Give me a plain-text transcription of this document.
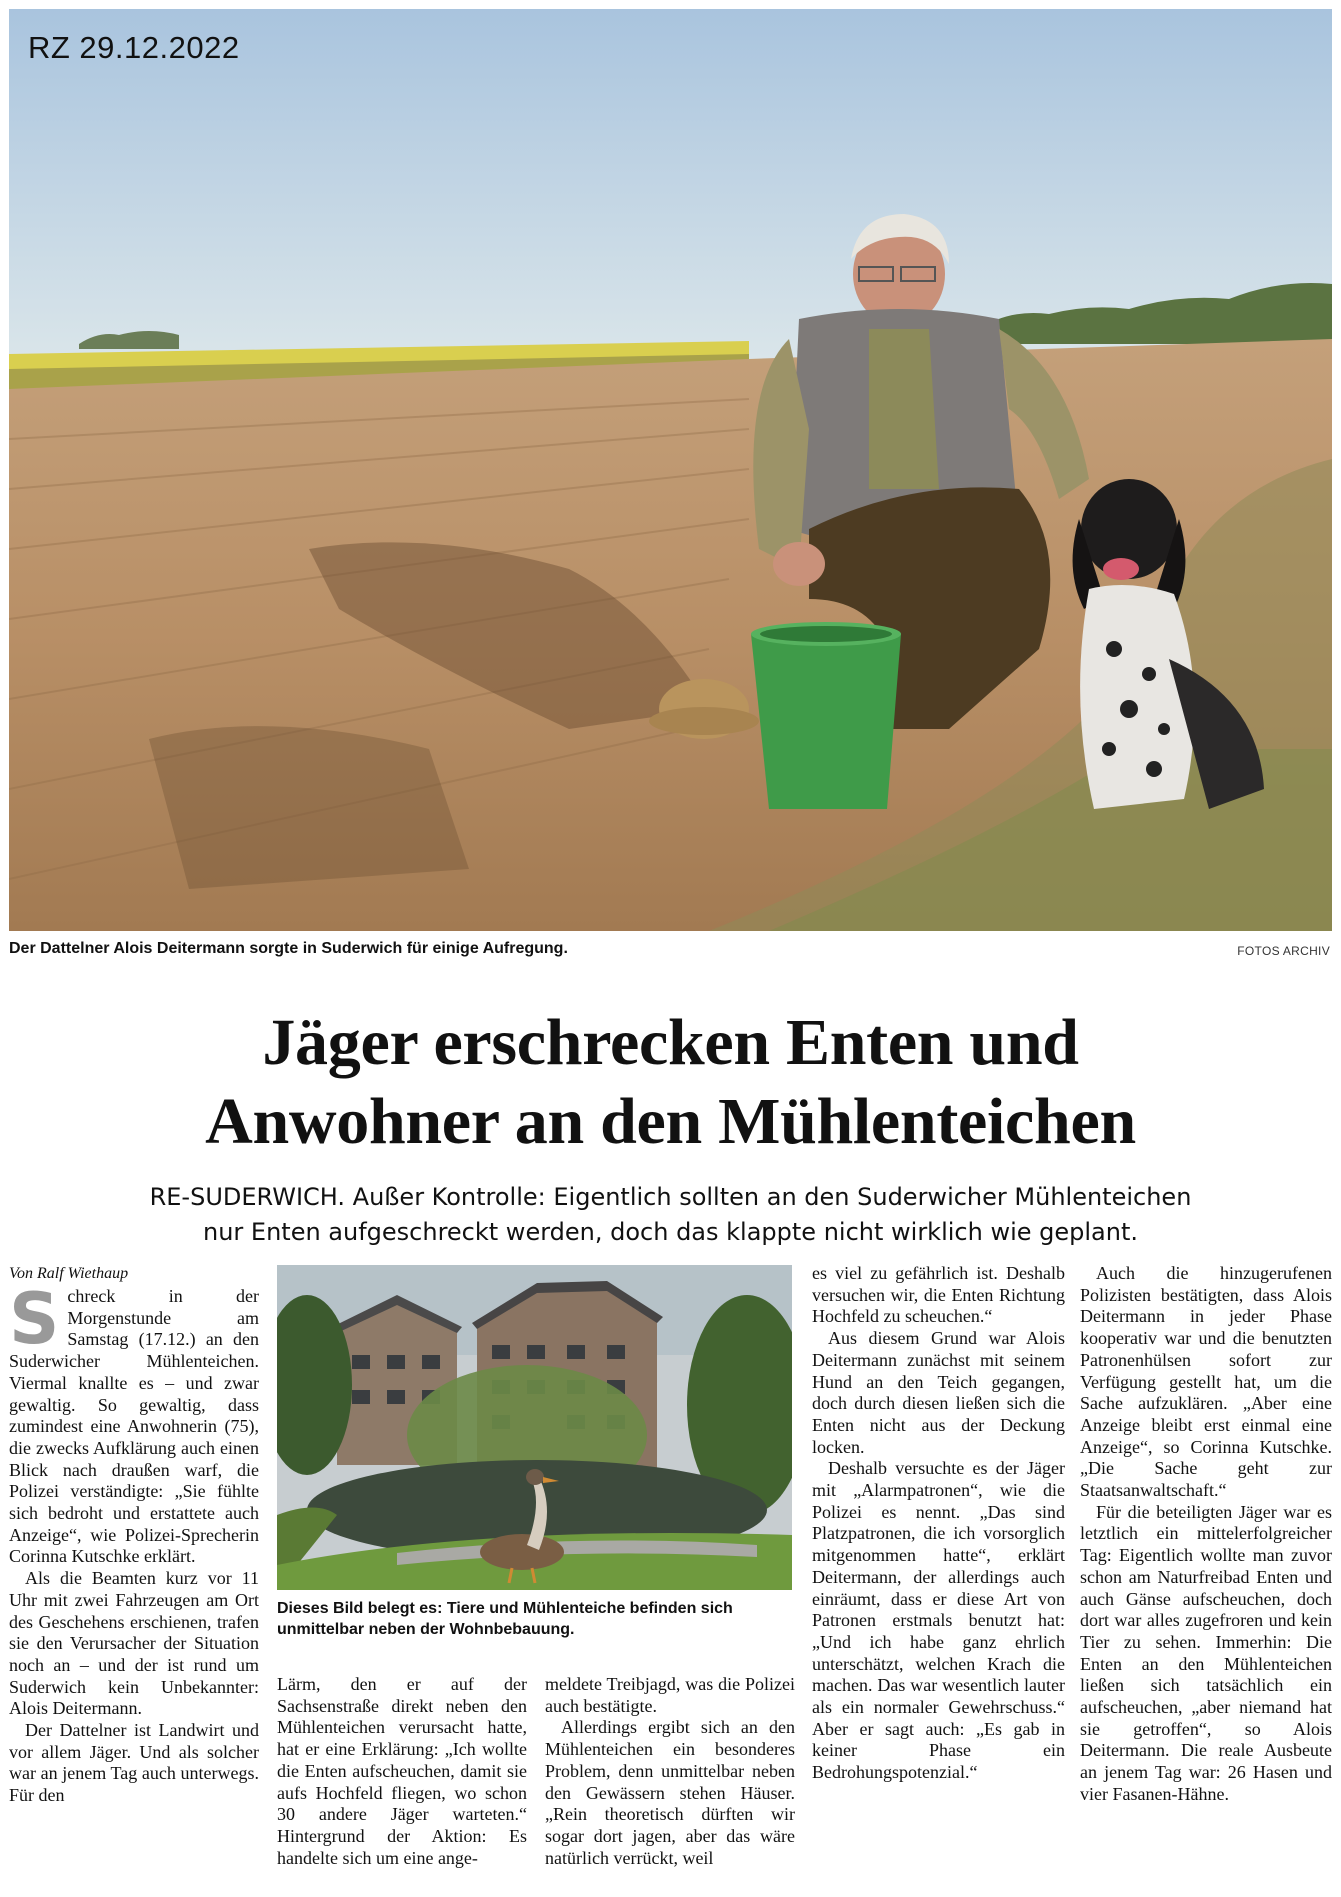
RZ 29.12.2022
Der Dattelner Alois Deitermann sorgte in Suderwich für einige Aufregung.	FOTOS ARCHIV
Jäger erschrecken Enten und
Anwohner an den Mühlenteichen
RE-SUDERWICH. Außer Kontrolle: Eigentlich sollten an den Suderwicher Mühlenteichen
nur Enten aufgeschreckt werden, doch das klappte nicht wirklich wie geplant.
Von Ralf Wiethaup

Schreck in der Morgenstunde am Samstag (17.12.) an den Suderwicher Mühlenteichen. Viermal knallte es – und zwar gewaltig. So gewaltig, dass zumindest eine Anwohnerin (75), die zwecks Aufklärung auch einen Blick nach draußen warf, die Polizei verständigte: „Sie fühlte sich bedroht und erstattete auch Anzeige“, wie Polizei-Sprecherin Corinna Kutschke erklärt.

Als die Beamten kurz vor 11 Uhr mit zwei Fahrzeugen am Ort des Geschehens erschienen, trafen sie den Verursacher der Situation noch an – und der ist rund um Suderwich kein Unbekannter: Alois Deitermann.

Der Dattelner ist Landwirt und vor allem Jäger. Und als solcher war an jenem Tag auch unterwegs. Für den

Dieses Bild belegt es: Tiere und Mühlenteiche befinden sich unmittelbar neben der Wohnbebauung.

Lärm, den er auf der Sachsenstraße direkt neben den Mühlenteichen verursacht hatte, hat er eine Erklärung: „Ich wollte die Enten aufscheuchen, damit sie aufs Hochfeld fliegen, wo schon 30 andere Jäger warteten.“ Hintergrund der Aktion: Es handelte sich um eine ange-

meldete Treibjagd, was die Polizei auch bestätigte.

Allerdings ergibt sich an den Mühlenteichen ein besonderes Problem, denn unmittelbar neben den Gewässern stehen Häuser. „Rein theoretisch dürften wir sogar dort jagen, aber das wäre natürlich verrückt, weil

es viel zu gefährlich ist. Deshalb versuchen wir, die Enten Richtung Hochfeld zu scheuchen.“

Aus diesem Grund war Alois Deitermann zunächst mit seinem Hund an den Teich gegangen, doch durch diesen ließen sich die Enten nicht aus der Deckung locken.

Deshalb versuchte es der Jäger mit „Alarmpatronen“, wie die Polizei es nennt. „Das sind Platzpatronen, die ich vorsorglich mitgenommen hatte“, erklärt Deitermann, der allerdings auch einräumt, dass er diese Art von Patronen erstmals benutzt hat: „Und ich habe ganz ehrlich unterschätzt, welchen Krach die machen. Das war wesentlich lauter als ein normaler Gewehrschuss.“ Aber er sagt auch: „Es gab in keiner Phase ein Bedrohungspotenzial.“

Auch die hinzugerufenen Polizisten bestätigten, dass Alois Deitermann in jeder Phase kooperativ war und die benutzten Patronenhülsen sofort zur Verfügung gestellt hat, um die Sache aufzuklären. „Aber eine Anzeige bleibt erst einmal eine Anzeige“, so Corinna Kutschke. „Die Sache geht zur Staatsanwaltschaft.“

Für die beteiligten Jäger war es letztlich ein mittelerfolgreicher Tag: Eigentlich wollte man zuvor schon am Naturfreibad Enten und auch Gänse aufscheuchen, doch dort war alles zugefroren und kein Tier zu sehen. Immerhin: Die Enten an den Mühlenteichen ließen sich tatsächlich ein aufscheuchen, „aber niemand hat sie getroffen“, so Alois Deitermann. Die reale Ausbeute an jenem Tag war: 26 Hasen und vier Fasanen-Hähne.
